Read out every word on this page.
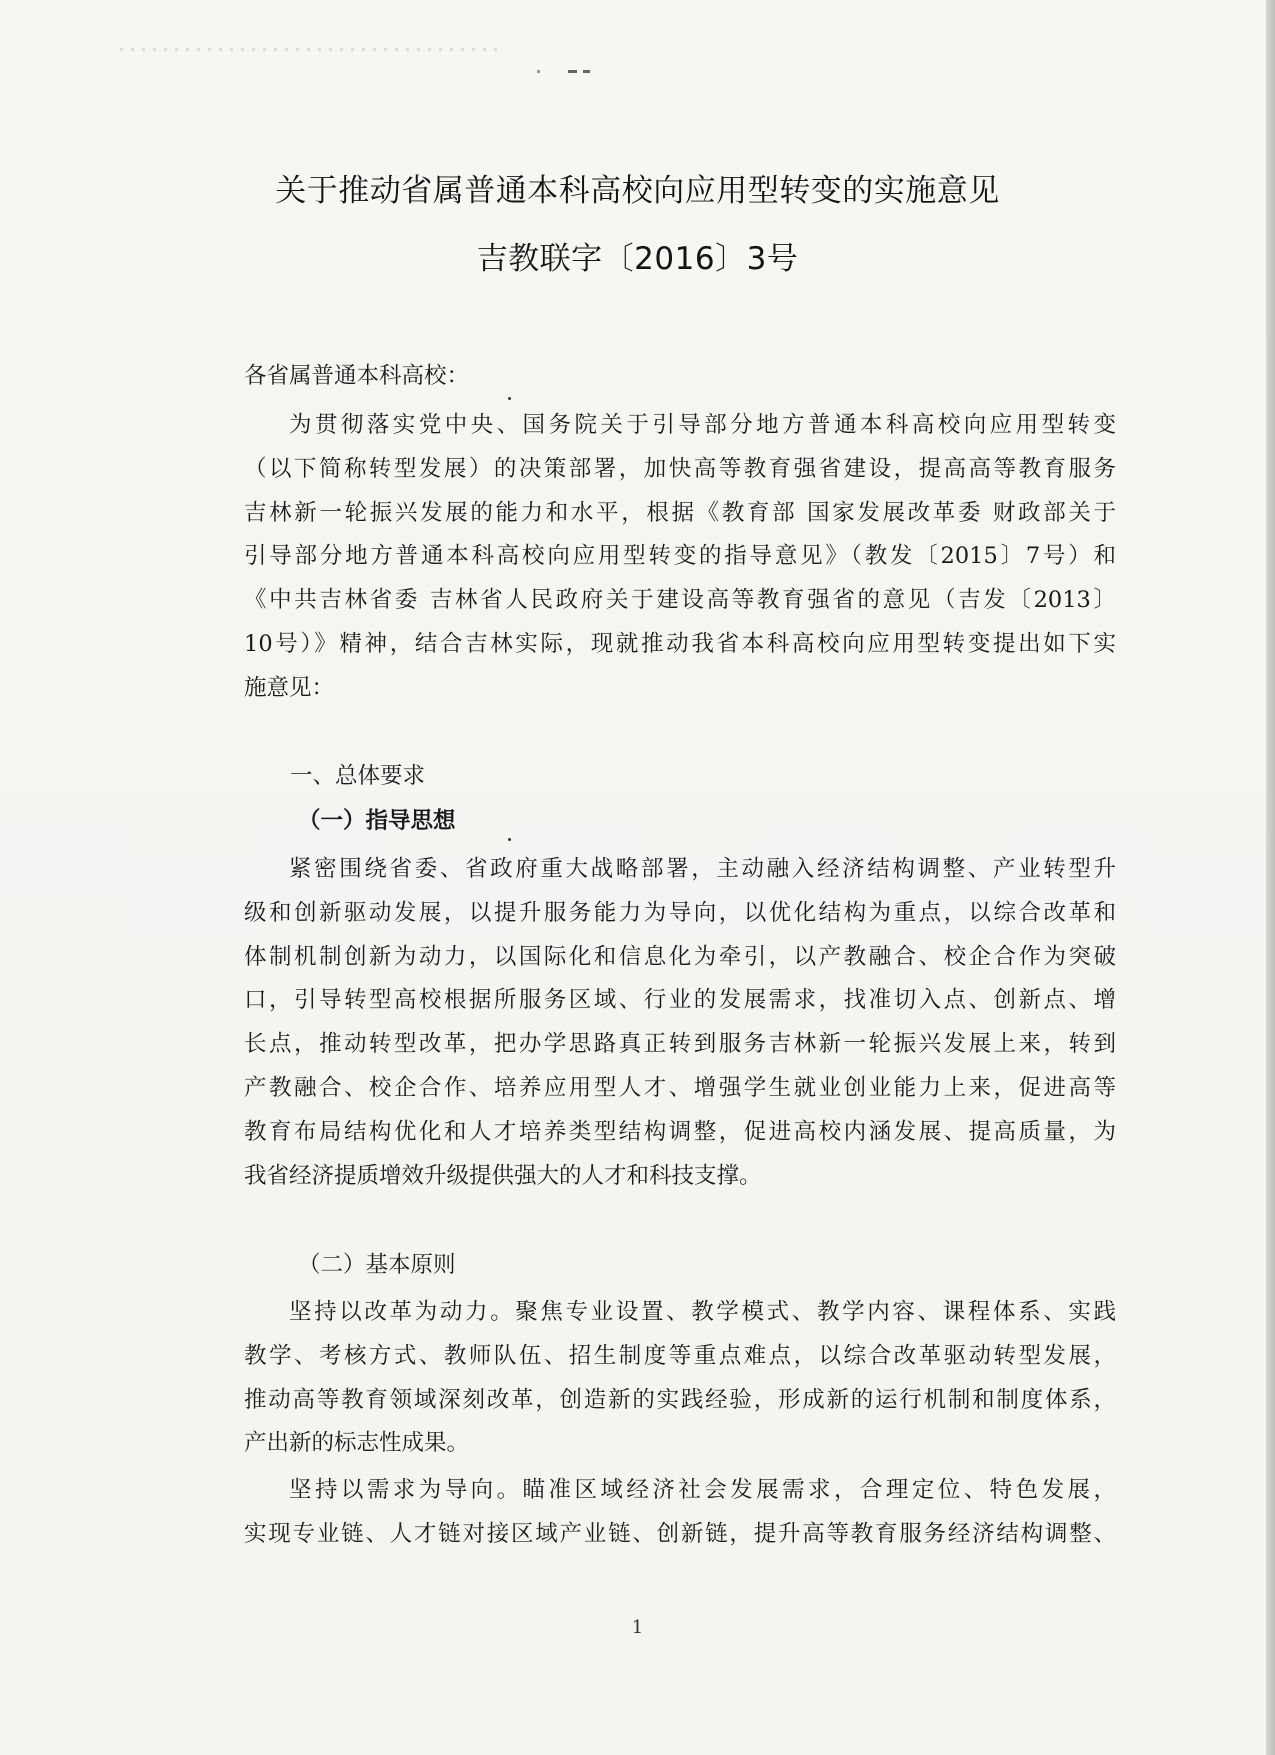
关于推动省属普通本科高校向应用型转变的实施意见
吉教联字〔2016〕3号
各省属普通本科高校：
为贯彻落实党中央、国务院关于引导部分地方普通本科高校向应用型转变
（以下简称转型发展）的决策部署，加快高等教育强省建设，提高高等教育服务
吉林新一轮振兴发展的能力和水平，根据《教育部 国家发展改革委 财政部关于
引导部分地方普通本科高校向应用型转变的指导意见》（教发〔2015〕7号）和
《中共吉林省委 吉林省人民政府关于建设高等教育强省的意见（吉发〔2013〕
10号）》精神，结合吉林实际，现就推动我省本科高校向应用型转变提出如下实
施意见：
一、总体要求
（一）指导思想
紧密围绕省委、省政府重大战略部署，主动融入经济结构调整、产业转型升
级和创新驱动发展，以提升服务能力为导向，以优化结构为重点，以综合改革和
体制机制创新为动力，以国际化和信息化为牵引，以产教融合、校企合作为突破
口，引导转型高校根据所服务区域、行业的发展需求，找准切入点、创新点、增
长点，推动转型改革，把办学思路真正转到服务吉林新一轮振兴发展上来，转到
产教融合、校企合作、培养应用型人才、增强学生就业创业能力上来，促进高等
教育布局结构优化和人才培养类型结构调整，促进高校内涵发展、提高质量，为
我省经济提质增效升级提供强大的人才和科技支撑。
（二）基本原则
坚持以改革为动力。聚焦专业设置、教学模式、教学内容、课程体系、实践
教学、考核方式、教师队伍、招生制度等重点难点，以综合改革驱动转型发展，
推动高等教育领域深刻改革，创造新的实践经验，形成新的运行机制和制度体系，
产出新的标志性成果。
坚持以需求为导向。瞄准区域经济社会发展需求，合理定位、特色发展，
实现专业链、人才链对接区域产业链、创新链，提升高等教育服务经济结构调整、
1
